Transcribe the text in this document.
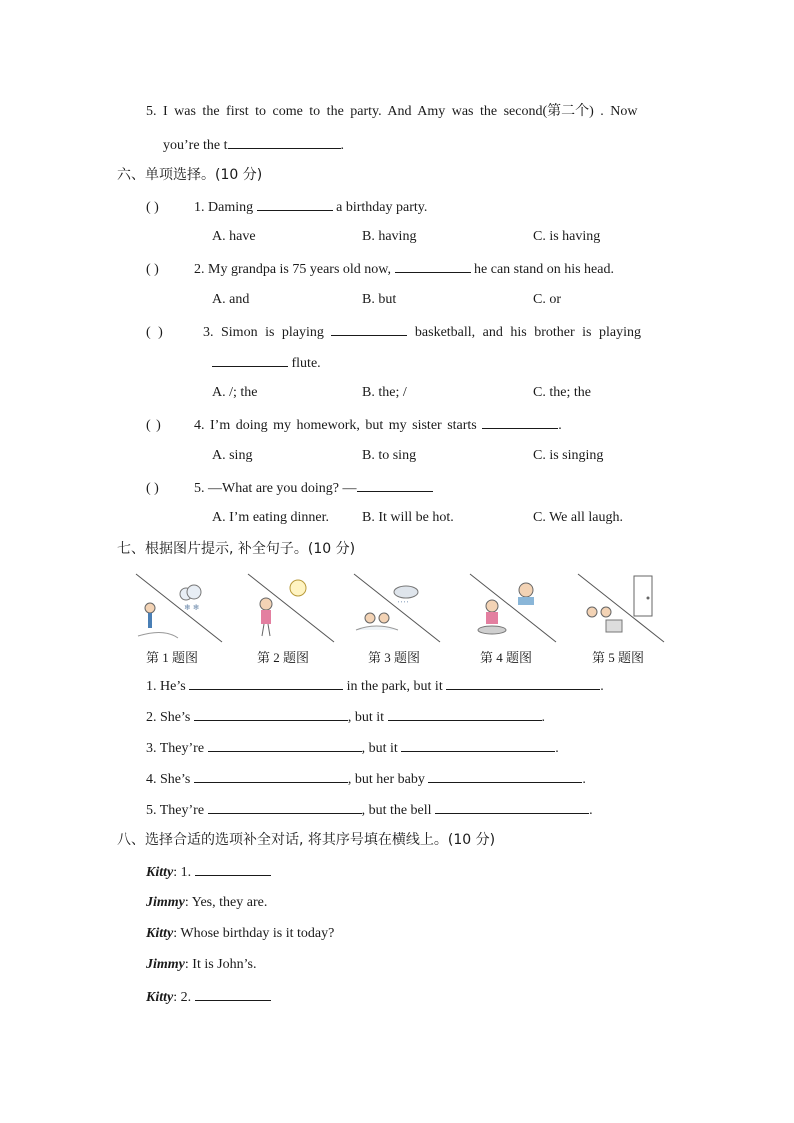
5. I was the first to come to the party. And Amy was the second(第二个) . Now
you’re the t	.
六、单项选择。(10 分)
( )	1. Daming	a birthday party.
A. have	B. having	C. is having
( )	2. My grandpa is 75 years old now,	he can stand on his head.
A. and	B. but	C. or
( )	3. Simon is playing	basketball, and his brother is playing
flute.
A. /; the	B. the; /	C. the; the
( ) 4. I’m doing my homework, but my sister starts	.
A. sing	B. to sing	C. is singing
( )	5. —What are you doing? —
A. I’m eating dinner. B. It will be hot.	C. We all laugh.
七、根据图片提示, 补全句子。(10 分)
❄ ❄	' ' ' '
第 1 题图	第 2 题图	第 3 题图	第 4 题图	第 5 题图
1. He’s	in the park, but it	.
2. She’s	, but it	.
3. They’re	, but it	.
4. She’s	, but her baby	.
5. They’re	, but the bell	.
八、选择合适的选项补全对话, 将其序号填在横线上。(10 分)
Kitty: 1.
Jimmy: Yes, they are.
Kitty: Whose birthday is it today?
Jimmy: It is John’s.
Kitty: 2.
